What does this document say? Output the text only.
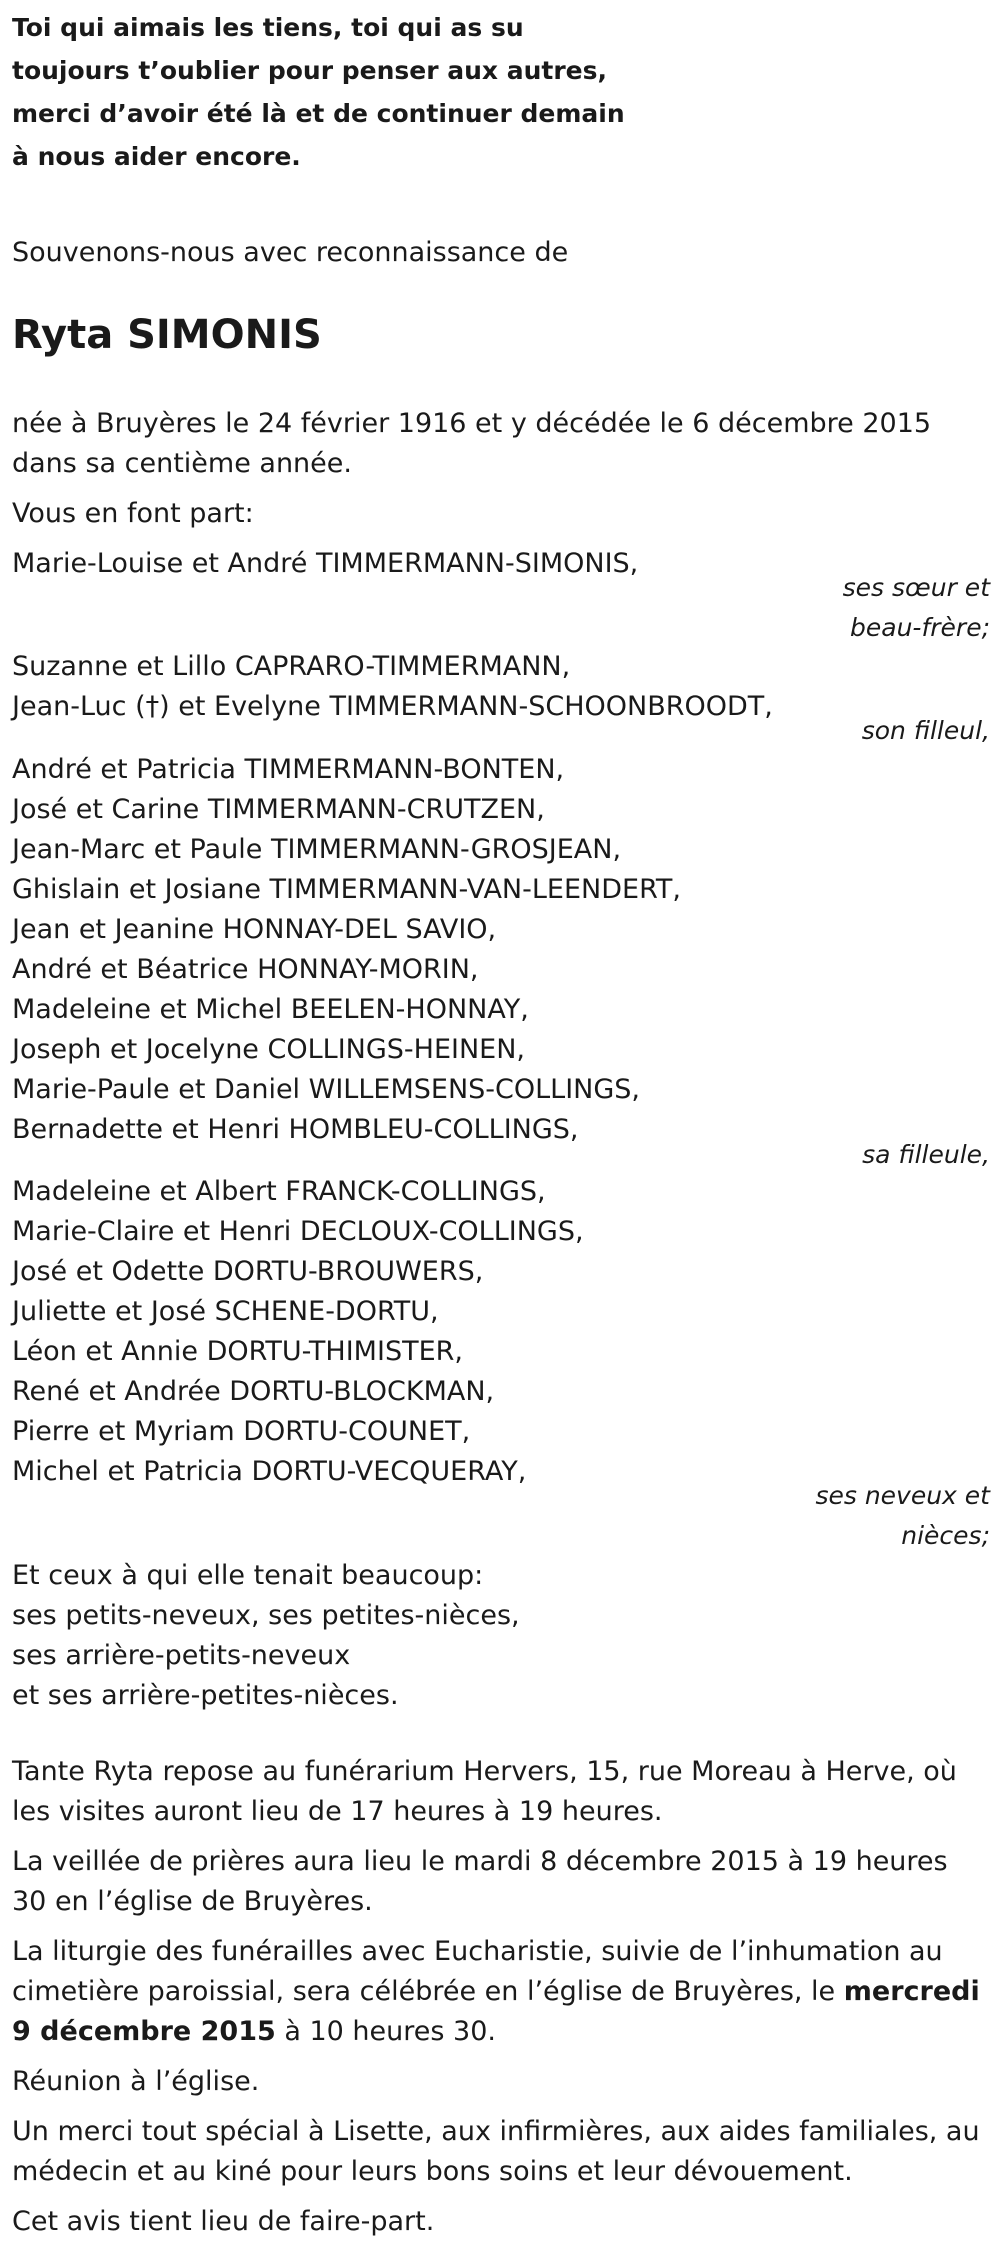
Toi qui aimais les tiens, toi qui as su
toujours t’oublier pour penser aux autres,
merci d’avoir été là et de continuer demain
à nous aider encore.
Souvenons-nous avec reconnaissance de
Ryta SIMONIS
née à Bruyères le 24 février 1916 et y décédée le 6 décembre 2015 dans sa centième année.
Vous en font part:
Marie-Louise et André TIMMERMANN-SIMONIS,
ses sœur et
beau-frère;
Suzanne et Lillo CAPRARO-TIMMERMANN,
Jean-Luc (†) et Evelyne TIMMERMANN-SCHOONBROODT,
son filleul,
André et Patricia TIMMERMANN-BONTEN,
José et Carine TIMMERMANN-CRUTZEN,
Jean-Marc et Paule TIMMERMANN-GROSJEAN,
Ghislain et Josiane TIMMERMANN-VAN-LEENDERT,
Jean et Jeanine HONNAY-DEL SAVIO,
André et Béatrice HONNAY-MORIN,
Madeleine et Michel BEELEN-HONNAY,
Joseph et Jocelyne COLLINGS-HEINEN,
Marie-Paule et Daniel WILLEMSENS-COLLINGS,
Bernadette et Henri HOMBLEU-COLLINGS,
sa filleule,
Madeleine et Albert FRANCK-COLLINGS,
Marie-Claire et Henri DECLOUX-COLLINGS,
José et Odette DORTU-BROUWERS,
Juliette et José SCHENE-DORTU,
Léon et Annie DORTU-THIMISTER,
René et Andrée DORTU-BLOCKMAN,
Pierre et Myriam DORTU-COUNET,
Michel et Patricia DORTU-VECQUERAY,
ses neveux et
nièces;
Et ceux à qui elle tenait beaucoup:
ses petits-neveux, ses petites-nièces,
ses arrière-petits-neveux
et ses arrière-petites-nièces.
Tante Ryta repose au funérarium Hervers, 15, rue Moreau à Herve, où les visites auront lieu de 17 heures à 19 heures.
La veillée de prières aura lieu le mardi 8 décembre 2015 à 19 heures 30 en l’église de Bruyères.
La liturgie des funérailles avec Eucharistie, suivie de l’inhumation au cimetière paroissial, sera célébrée en l’église de Bruyères, le mercredi 9 décembre 2015 à 10 heures 30.
Réunion à l’église.
Un merci tout spécial à Lisette, aux infirmières, aux aides familiales, au médecin et au kiné pour leurs bons soins et leur dévouement.
Cet avis tient lieu de faire-part.
